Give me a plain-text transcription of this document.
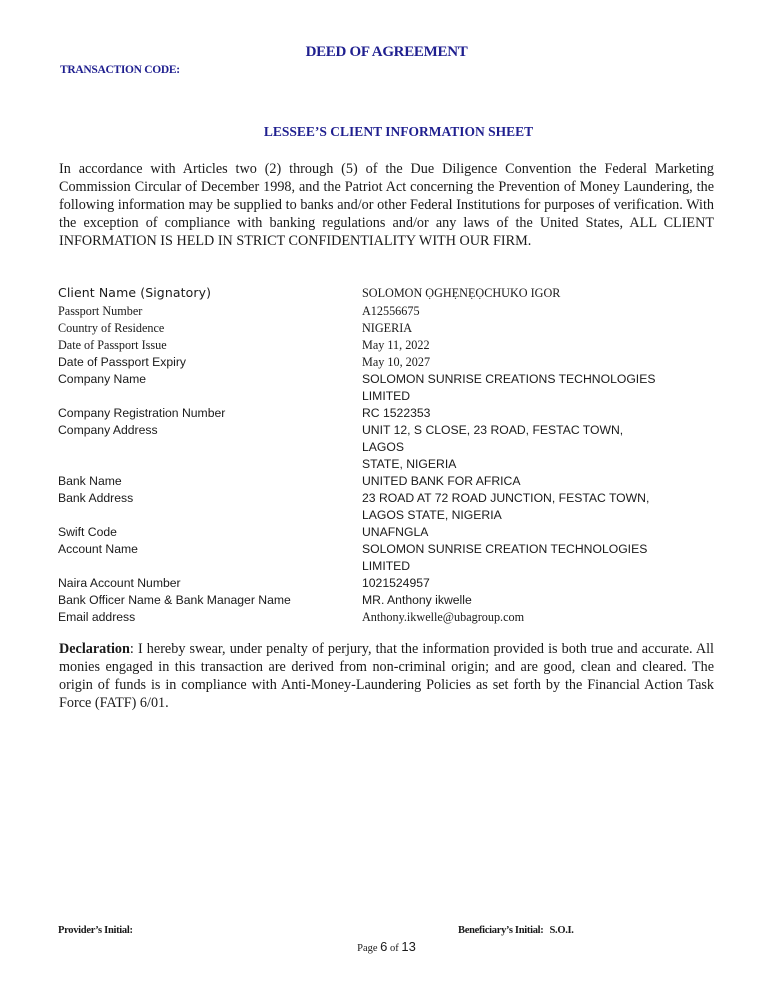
DEED OF AGREEMENT
TRANSACTION CODE:
LESSEE’S CLIENT INFORMATION SHEET
In accordance with Articles two (2) through (5) of the Due Diligence Convention the Federal Marketing Commission Circular of December 1998, and the Patriot Act concerning the Prevention of Money Laundering, the following information may be supplied to banks and/or other Federal Institutions for purposes of verification. With the exception of compliance with banking regulations and/or any laws of the United States, ALL CLIENT INFORMATION IS HELD IN STRICT CONFIDENTIALITY WITH OUR FIRM.
Client Name (Signatory)	SOLOMON ỌGHẸNẸỌCHUKO IGOR
Passport Number	A12556675
Country of Residence	NIGERIA
Date of Passport Issue	May 11, 2022
Date of Passport Expiry	May 10, 2027
Company Name	SOLOMON SUNRISE CREATIONS TECHNOLOGIES
LIMITED
Company Registration Number	RC 1522353
Company Address	UNIT 12, S CLOSE, 23 ROAD, FESTAC TOWN, LAGOS
STATE, NIGERIA
Bank Name	UNITED BANK FOR AFRICA
Bank Address	23 ROAD AT 72 ROAD JUNCTION, FESTAC TOWN,
LAGOS STATE, NIGERIA
Swift Code	UNAFNGLA
Account Name	SOLOMON SUNRISE CREATION TECHNOLOGIES
LIMITED
Naira Account Number	1021524957
Bank Officer Name & Bank Manager Name	MR. Anthony ikwelle
Email address	Anthony.ikwelle@ubagroup.com
Declaration: I hereby swear, under penalty of perjury, that the information provided is both true and accurate. All monies engaged in this transaction are derived from non-criminal origin; and are good, clean and cleared. The origin of funds is in compliance with Anti-Money-Laundering Policies as set forth by the Financial Action Task Force (FATF) 6/01.
Provider’s Initial:	Beneficiary’s Initial: S.O.I.
Page 6 of 13
